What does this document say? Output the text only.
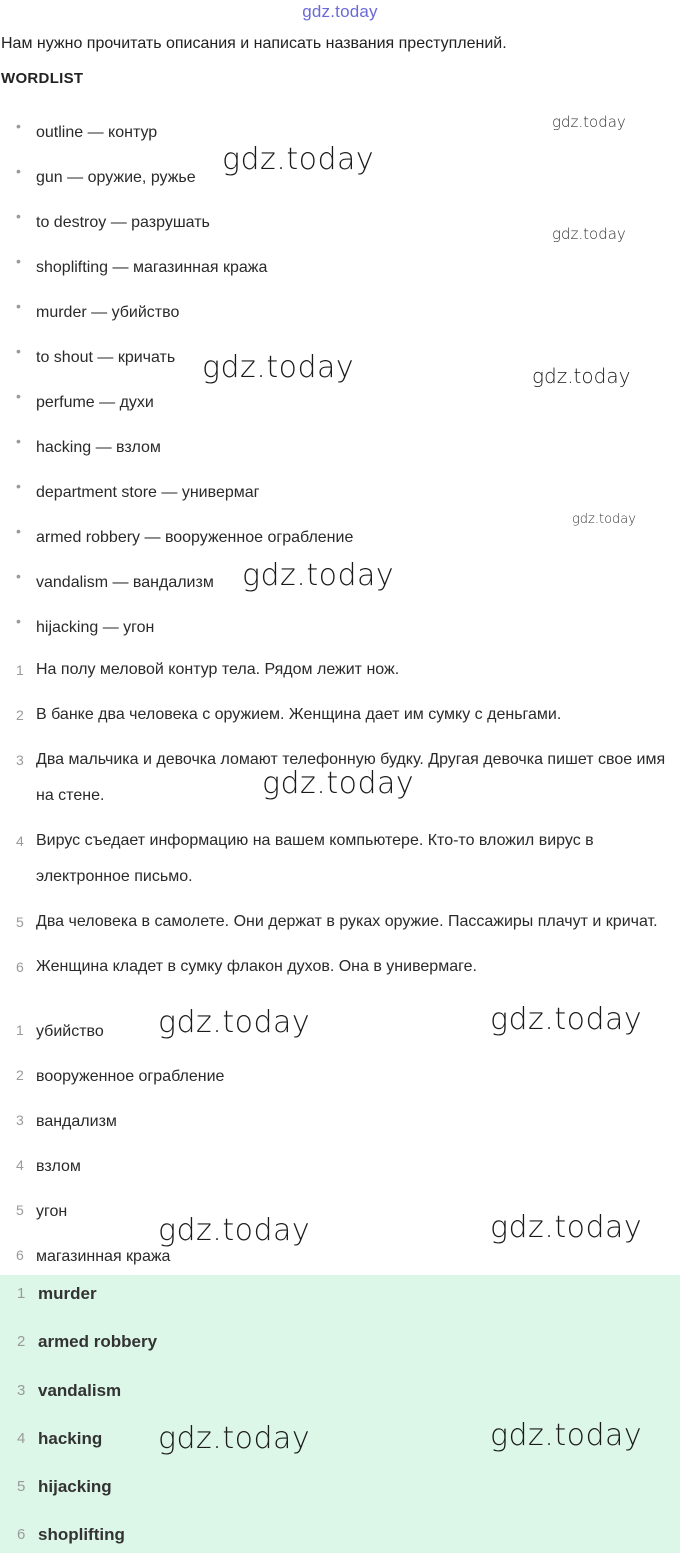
gdz.today
Нам нужно прочитать описания и написать названия преступлений.
WORDLIST
• outline — контур
• gun — оружие, ружье
• to destroy — разрушать
• shoplifting — магазинная кража
• murder — убийство
• to shout — кричать
• perfume — духи
• hacking — взлом
• department store — универмаг
• armed robbery — вооруженное ограбление
• vandalism — вандализм
• hijacking — угон
1 На полу меловой контур тела. Рядом лежит нож.
2 В банке два человека с оружием. Женщина дает им сумку с деньгами.
3 Два мальчика и девочка ломают телефонную будку. Другая девочка пишет свое имя на стене.
4 Вирус съедает информацию на вашем компьютере. Кто-то вложил вирус в электронное письмо.
5 Два человека в самолете. Они держат в руках оружие. Пассажиры плачут и кричат.
6 Женщина кладет в сумку флакон духов. Она в универмаге.
1 убийство
2 вооруженное ограбление
3 вандализм
4 взлом
5 угон
6 магазинная кража
1 murder
2 armed robbery
3 vandalism
4 hacking
5 hijacking
6 shoplifting
gdz.today
gdz.today
gdz.today
gdz.today	gdz.today
gdz.today
gdz.today
gdz.today
gdz.today	gdz.today
gdz.today	gdz.today
gdz.today	gdz.today
